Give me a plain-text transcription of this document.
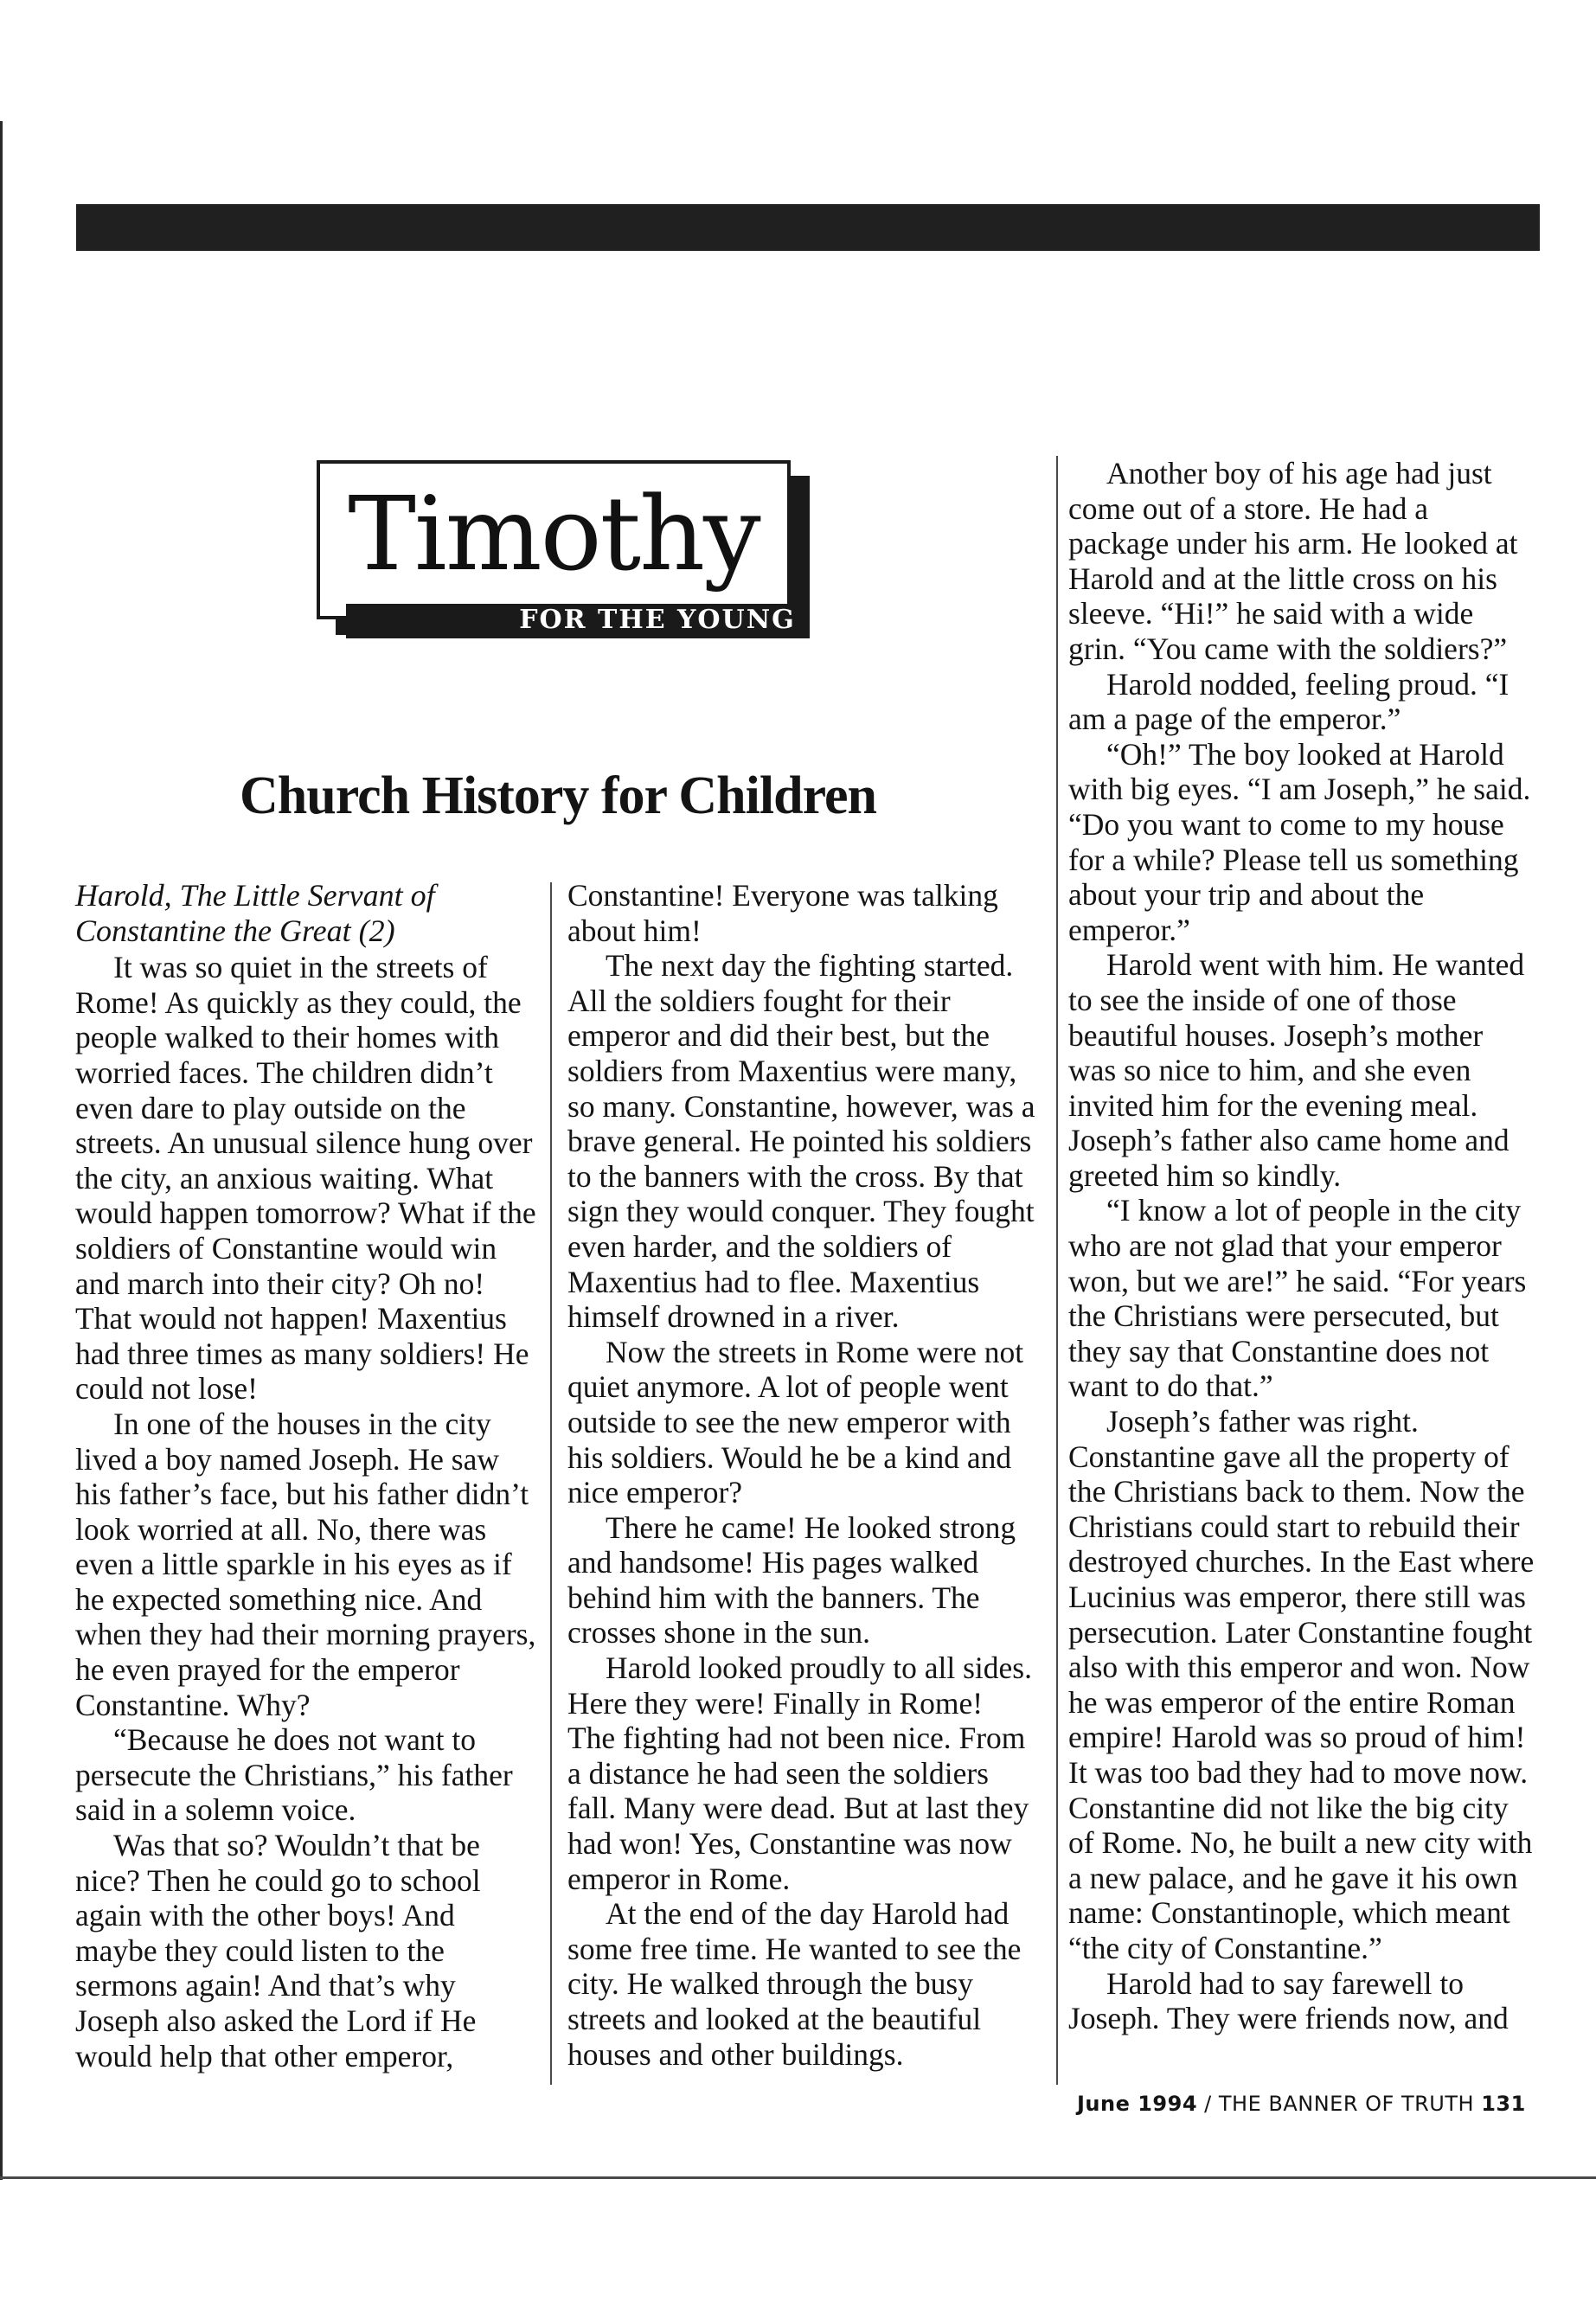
Timothy
FOR THE YOUNG
Church History for Children
Harold, The Little Servant of Constantine the Great (2)

It was so quiet in the streets of Rome! As quickly as they could, the people walked to their homes with worried faces. The children didn’t even dare to play outside on the streets. An unusual silence hung over the city, an anxious waiting. What would happen tomorrow? What if the soldiers of Constantine would win and march into their city? Oh no! That would not happen! Maxentius had three times as many soldiers! He could not lose!

In one of the houses in the city lived a boy named Joseph. He saw his father’s face, but his father didn’t look worried at all. No, there was even a little sparkle in his eyes as if he expected something nice. And when they had their morning prayers, he even prayed for the emperor Constantine. Why?

“Because he does not want to persecute the Christians,” his father said in a solemn voice.

Was that so? Wouldn’t that be nice? Then he could go to school again with the other boys! And maybe they could listen to the sermons again! And that’s why Joseph also asked the Lord if He would help that other emperor,

Constantine! Everyone was talking about him!

The next day the fighting started. All the soldiers fought for their emperor and did their best, but the soldiers from Maxentius were many, so many. Constantine, however, was a brave general. He pointed his soldiers to the banners with the cross. By that sign they would conquer. They fought even harder, and the soldiers of Maxentius had to flee. Maxentius himself drowned in a river.

Now the streets in Rome were not quiet anymore. A lot of people went outside to see the new emperor with his soldiers. Would he be a kind and nice emperor?

There he came! He looked strong and handsome! His pages walked behind him with the banners. The crosses shone in the sun.

Harold looked proudly to all sides. Here they were! Finally in Rome! The fighting had not been nice. From a distance he had seen the soldiers fall. Many were dead. But at last they had won! Yes, Constantine was now emperor in Rome.

At the end of the day Harold had some free time. He wanted to see the city. He walked through the busy streets and looked at the beautiful houses and other buildings.

Another boy of his age had just come out of a store. He had a package under his arm. He looked at Harold and at the little cross on his sleeve. “Hi!” he said with a wide grin. “You came with the soldiers?”

Harold nodded, feeling proud. “I am a page of the emperor.”

“Oh!” The boy looked at Harold with big eyes. “I am Joseph,” he said. “Do you want to come to my house for a while? Please tell us something about your trip and about the emperor.”

Harold went with him. He wanted to see the inside of one of those beautiful houses. Joseph’s mother was so nice to him, and she even invited him for the evening meal. Joseph’s father also came home and greeted him so kindly.

“I know a lot of people in the city who are not glad that your emperor won, but we are!” he said. “For years the Christians were persecuted, but they say that Constantine does not want to do that.”

Joseph’s father was right. Constantine gave all the property of the Christians back to them. Now the Christians could start to rebuild their destroyed churches. In the East where Lucinius was emperor, there still was persecution. Later Constantine fought also with this emperor and won. Now he was emperor of the entire Roman empire! Harold was so proud of him! It was too bad they had to move now. Constantine did not like the big city of Rome. No, he built a new city with a new palace, and he gave it his own name: Constantinople, which meant “the city of Constantine.”

Harold had to say farewell to Joseph. They were friends now, and

June 1994 / THE BANNER OF TRUTH 131
